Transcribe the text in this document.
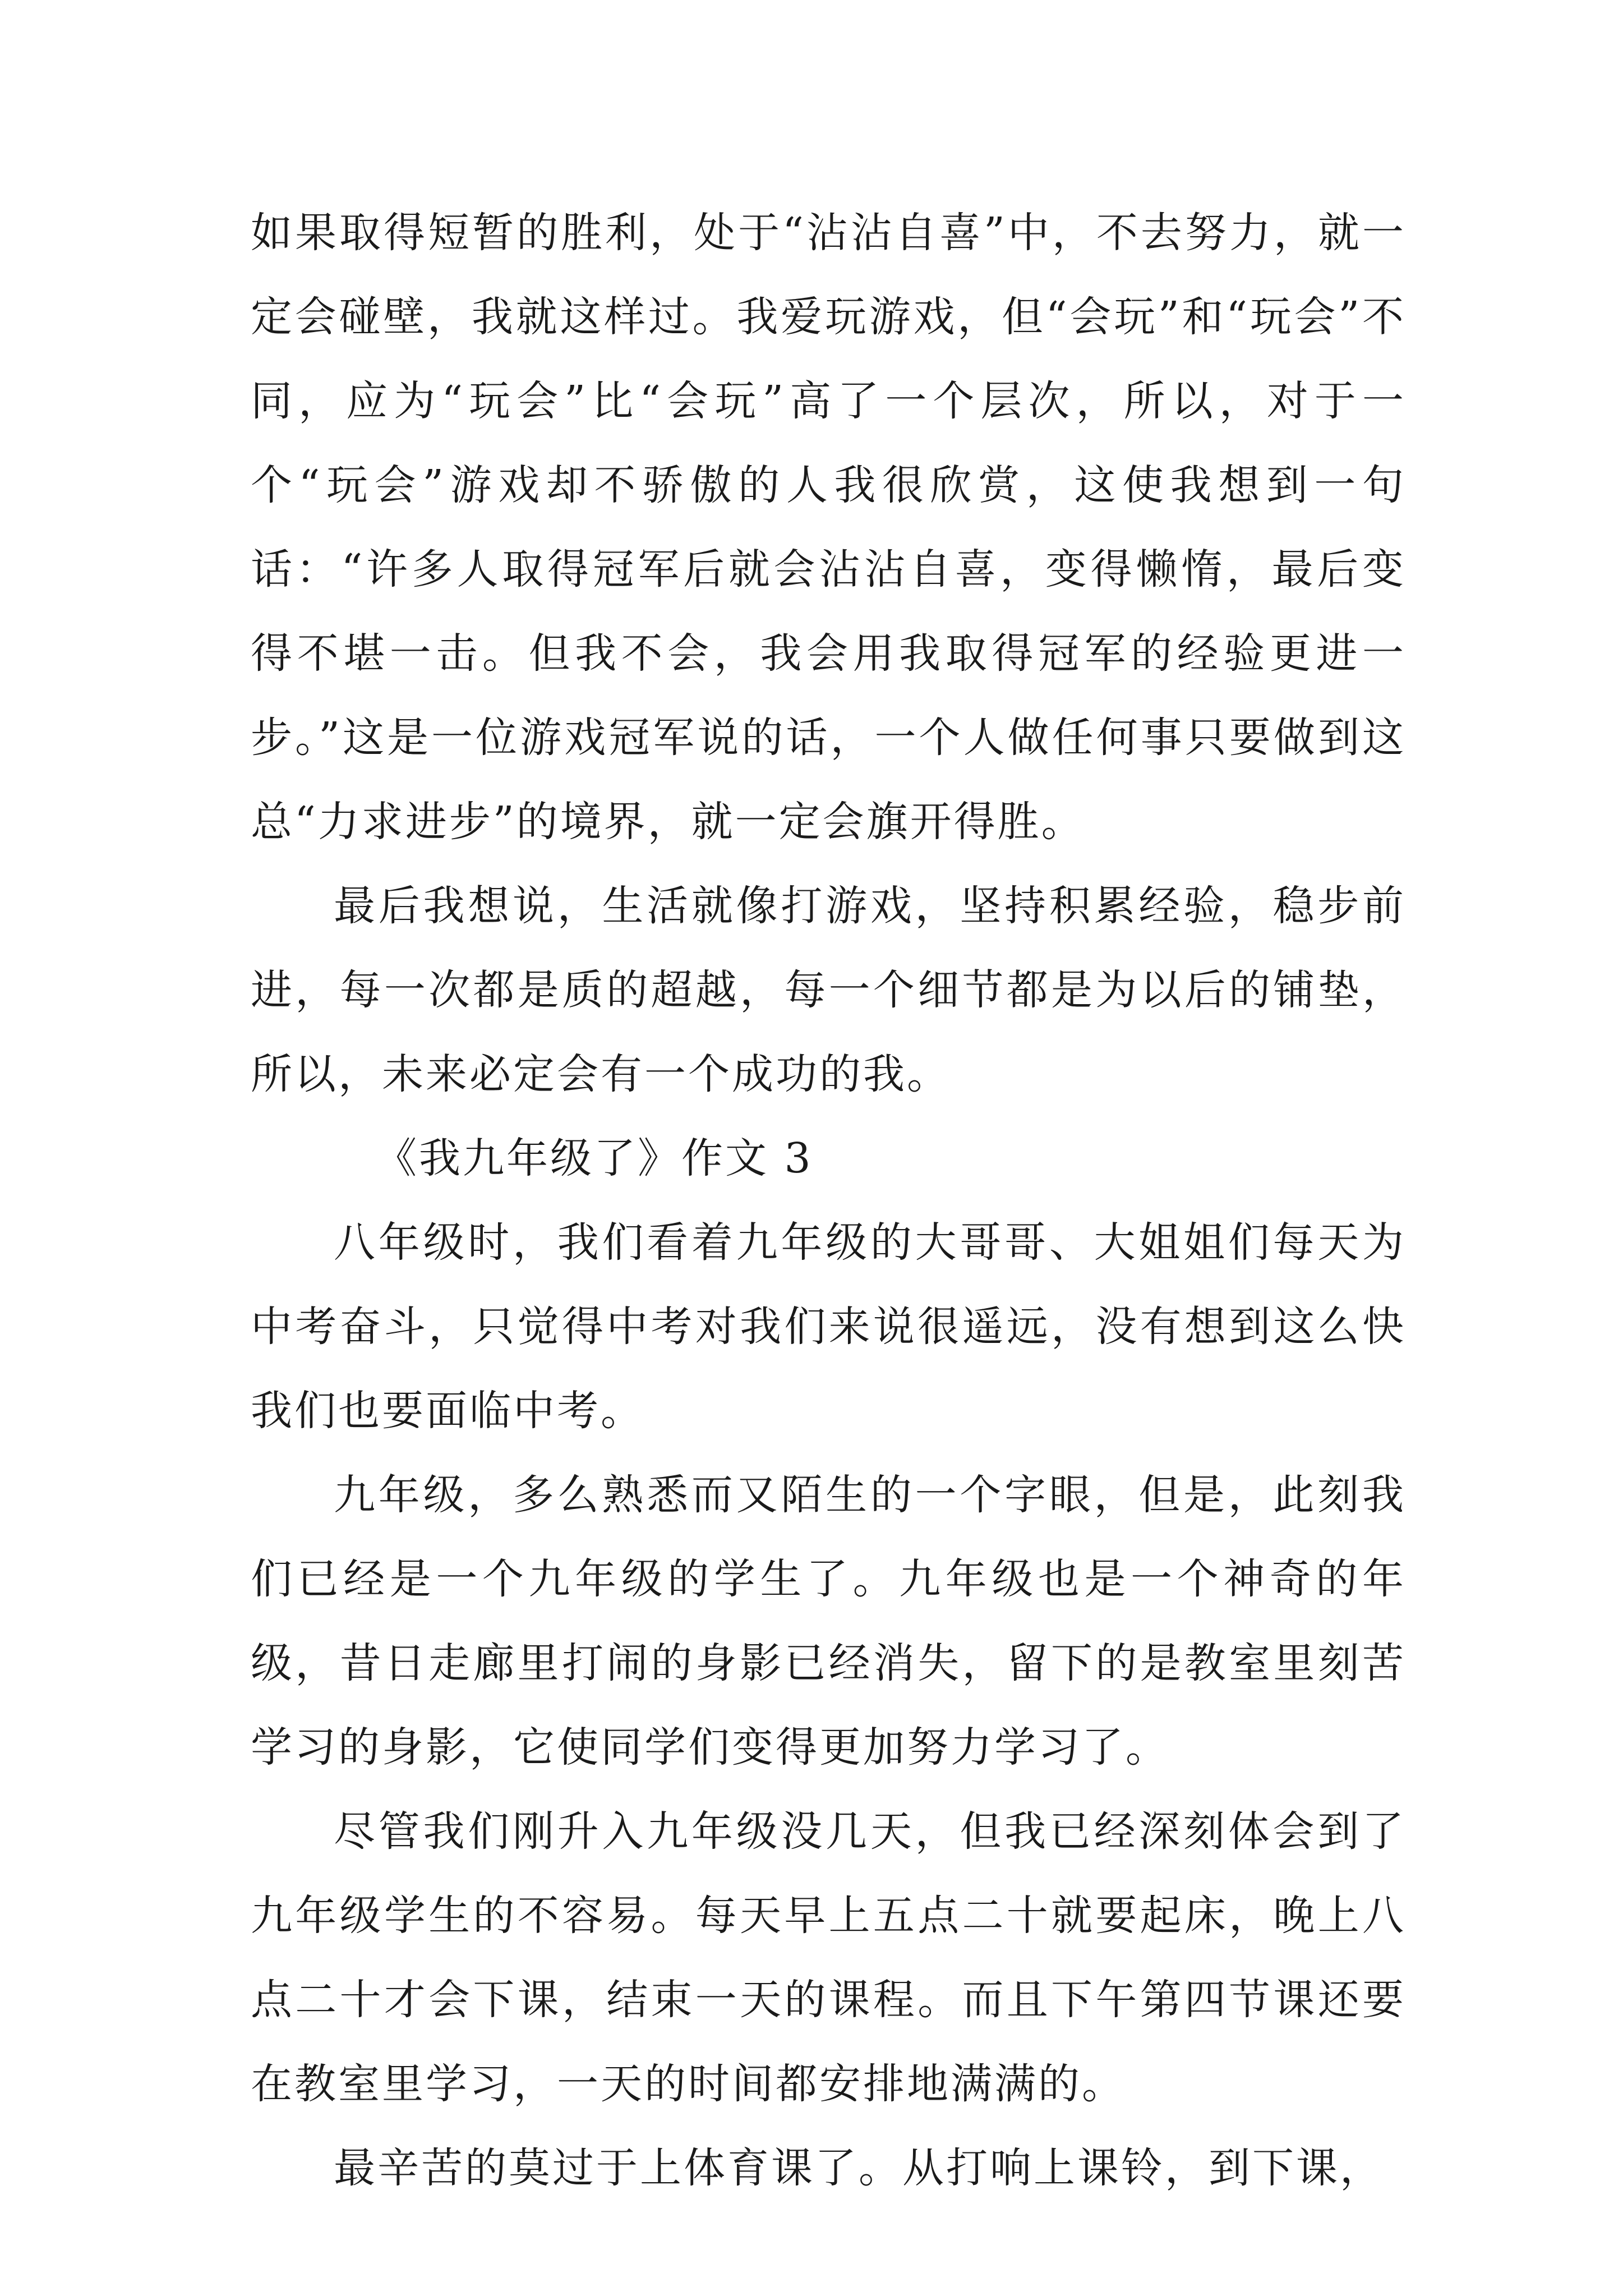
如果取得短暂的胜利，处于“沾沾自喜”中，不去努力，就一定会碰壁，我就这样过。我爱玩游戏，但“会玩”和“玩会”不同，应为“玩会”比“会玩”高了一个层次，所以，对于一个“玩会”游戏却不骄傲的人我很欣赏，这使我想到一句话：“许多人取得冠军后就会沾沾自喜，变得懒惰，最后变得不堪一击。但我不会，我会用我取得冠军的经验更进一步。”这是一位游戏冠军说的话，一个人做任何事只要做到这总“力求进步”的境界，就一定会旗开得胜。

最后我想说，生活就像打游戏，坚持积累经验，稳步前进，每一次都是质的超越，每一个细节都是为以后的铺垫，所以，未来必定会有一个成功的我。

《我九年级了》作文 3

八年级时，我们看着九年级的大哥哥、大姐姐们每天为中考奋斗，只觉得中考对我们来说很遥远，没有想到这么快我们也要面临中考。

九年级，多么熟悉而又陌生的一个字眼，但是，此刻我们已经是一个九年级的学生了。九年级也是一个神奇的年级，昔日走廊里打闹的身影已经消失，留下的是教室里刻苦学习的身影，它使同学们变得更加努力学习了。

尽管我们刚升入九年级没几天，但我已经深刻体会到了九年级学生的不容易。每天早上五点二十就要起床，晚上八点二十才会下课，结束一天的课程。而且下午第四节课还要在教室里学习，一天的时间都安排地满满的。

最辛苦的莫过于上体育课了。从打响上课铃，到下课，
